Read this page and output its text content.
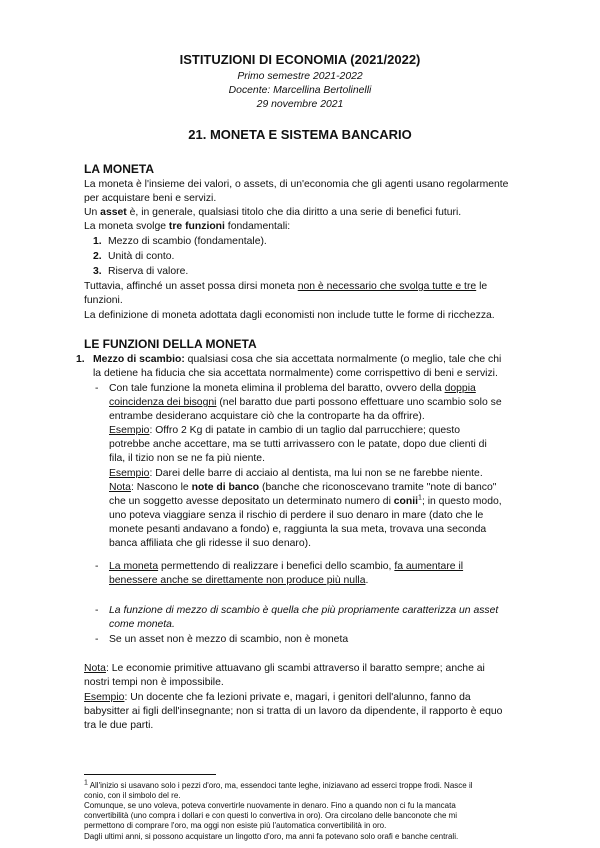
ISTITUZIONI DI ECONOMIA (2021/2022)
Primo semestre 2021-2022
Docente: Marcellina Bertolinelli
29 novembre 2021
21. MONETA E SISTEMA BANCARIO
LA MONETA
La moneta è l'insieme dei valori, o assets, di un'economia che gli agenti usano regolarmente
per acquistare beni e servizi.
Un asset è, in generale, qualsiasi titolo che dia diritto a una serie di benefici futuri.
La moneta svolge tre funzioni fondamentali:
1. Mezzo di scambio (fondamentale).
2. Unità di conto.
3. Riserva di valore.
Tuttavia, affinché un asset possa dirsi moneta non è necessario che svolga tutte e tre le
funzioni.
La definizione di moneta adottata dagli economisti non include tutte le forme di ricchezza.
LE FUNZIONI DELLA MONETA
1. Mezzo di scambio: qualsiasi cosa che sia accettata normalmente (o meglio, tale che chi
la detiene ha fiducia che sia accettata normalmente) come corrispettivo di beni e servizi.
- Con tale funzione la moneta elimina il problema del baratto, ovvero della doppia
coincidenza dei bisogni (nel baratto due parti possono effettuare uno scambio solo se
entrambe desiderano acquistare ciò che la controparte ha da offrire).
Esempio: Offro 2 Kg di patate in cambio di un taglio dal parrucchiere; questo
potrebbe anche accettare, ma se tutti arrivassero con le patate, dopo due clienti di
fila, il tizio non se ne fa più niente.
Esempio: Darei delle barre di acciaio al dentista, ma lui non se ne farebbe niente.
Nota: Nascono le note di banco (banche che riconoscevano tramite "note di banco"
che un soggetto avesse depositato un determinato numero di conii$^1$; in questo modo,
uno poteva viaggiare senza il rischio di perdere il suo denaro in mare (dato che le
monete pesanti andavano a fondo) e, raggiunta la sua meta, trovava una seconda
banca affiliata che gli ridesse il suo denaro).
- La moneta permettendo di realizzare i benefici dello scambio, fa aumentare il
benessere anche se direttamente non produce più nulla.
- La funzione di mezzo di scambio è quella che più propriamente caratterizza un asset
come moneta.
- Se un asset non è mezzo di scambio, non è moneta
Nota: Le economie primitive attuavano gli scambi attraverso il baratto sempre; anche ai
nostri tempi non è impossibile.
Esempio: Un docente che fa lezioni private e, magari, i genitori dell'alunno, fanno da
babysitter ai figli dell'insegnante; non si tratta di un lavoro da dipendente, il rapporto è equo
tra le due parti.
$^1$ All'inizio si usavano solo i pezzi d'oro, ma, essendoci tante leghe, iniziavano ad esserci troppe frodi. Nasce il
conio, con il simbolo del re.
Comunque, se uno voleva, poteva convertirle nuovamente in denaro. Fino a quando non ci fu la mancata
convertibilità (uno compra i dollari e con questi lo convertiva in oro). Ora circolano delle banconote che mi
permettono di comprare l'oro, ma oggi non esiste più l'automatica convertibilità in oro.
Dagli ultimi anni, si possono acquistare un lingotto d'oro, ma anni fa potevano solo orafi e banche centrali.
